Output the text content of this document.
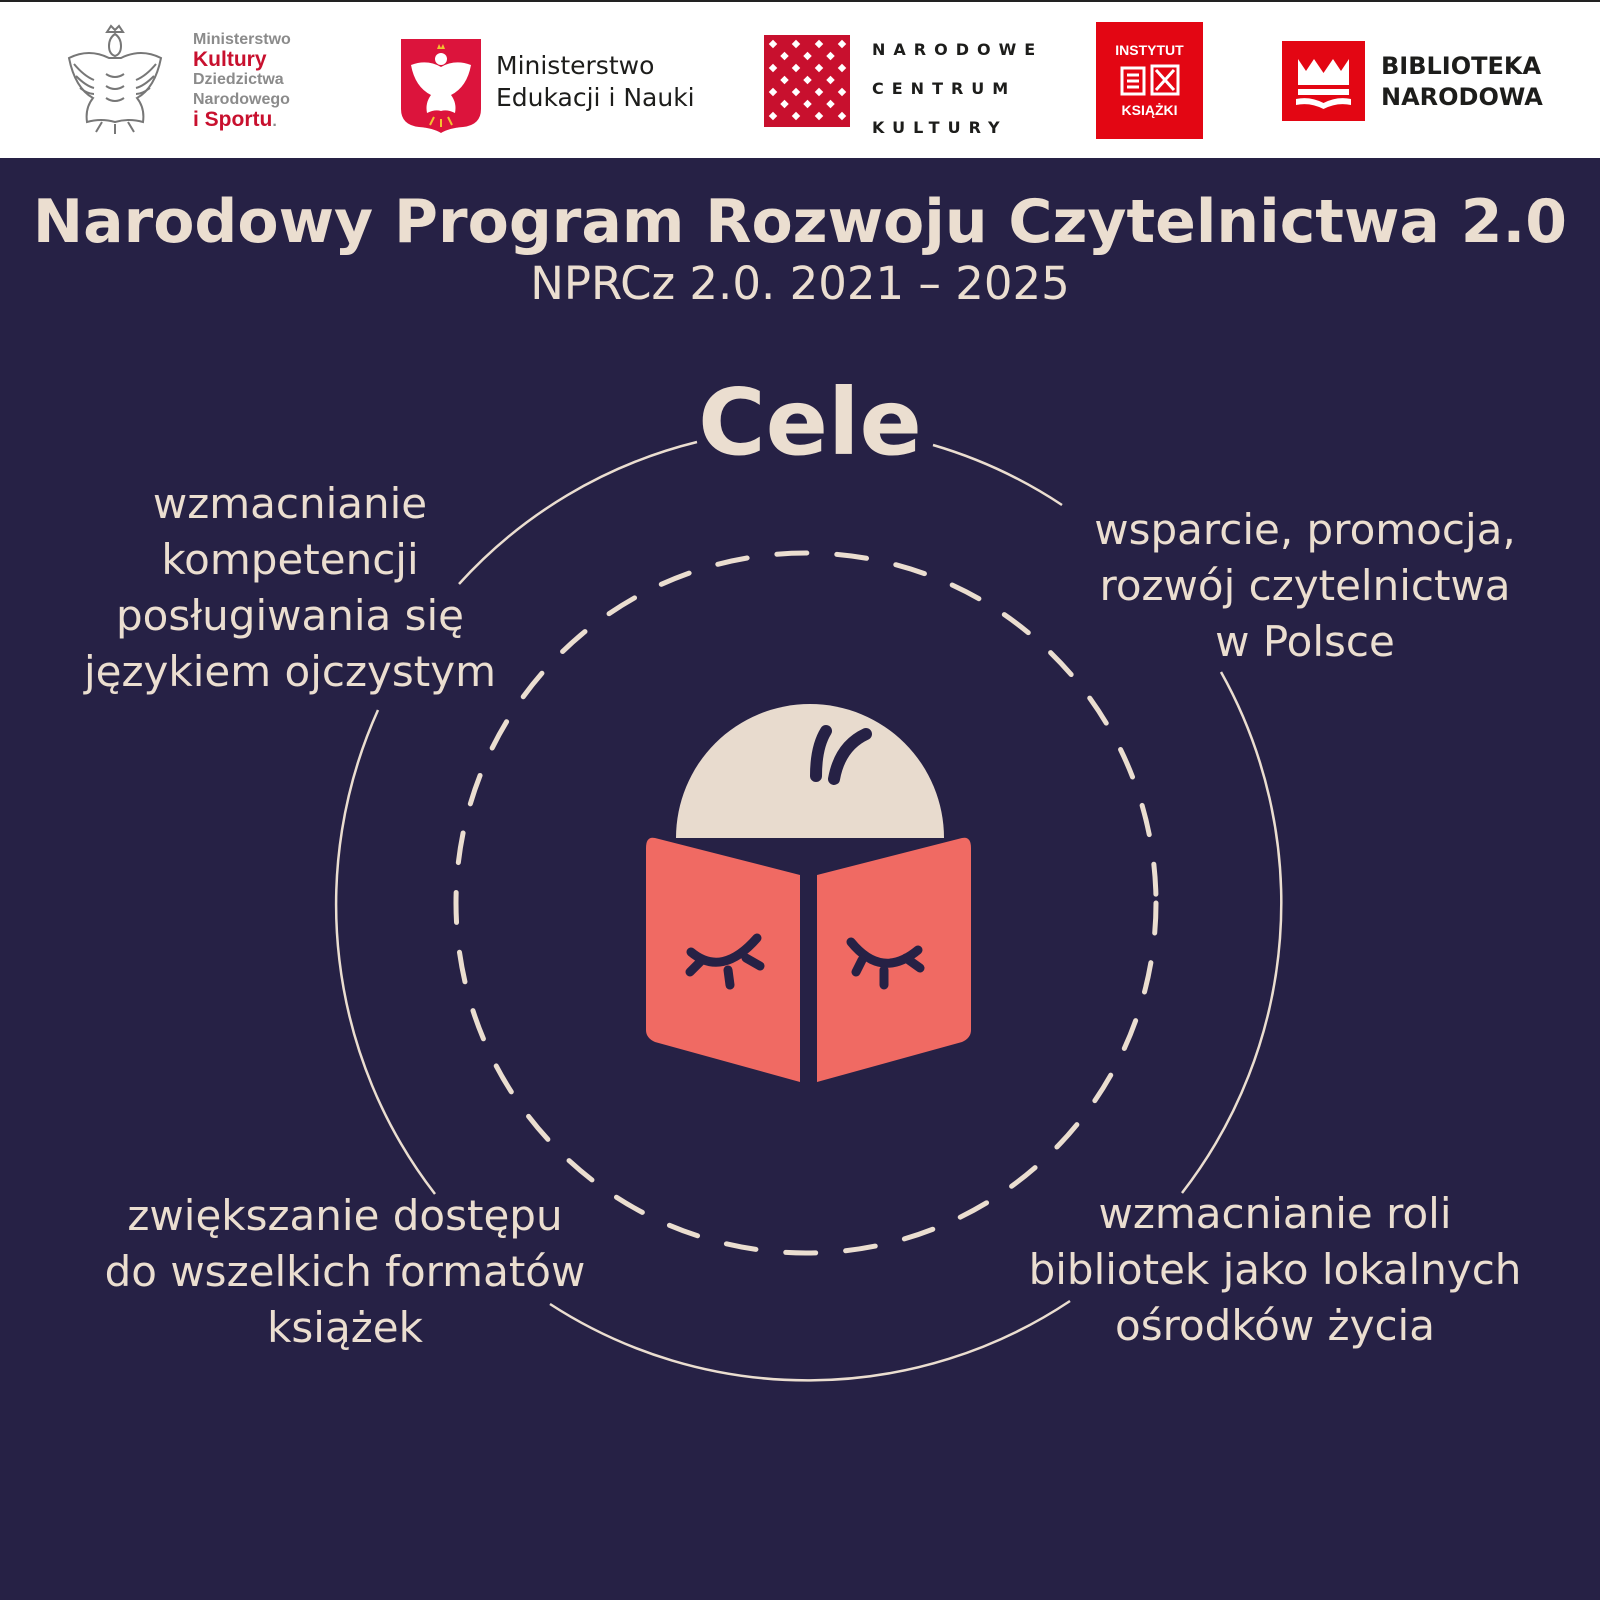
Ministerstwo
Kultury
Dziedzictwa
Narodowego
i Sportu.
Ministerstwo
Edukacji i Nauki
NARODOWE
CENTRUM
KULTURY
INSTYTUT
KSIĄŻKI
BIBLIOTEKA
NARODOWA
Narodowy Program Rozwoju Czytelnictwa 2.0
NPRCz 2.0. 2021 – 2025
Cele
wzmacnianie
kompetencji
posługiwania się
językiem ojczystym
wsparcie, promocja,
rozwój czytelnictwa
w Polsce
zwiększanie dostępu
do wszelkich formatów
książek
wzmacnianie roli
bibliotek jako lokalnych
ośrodków życia
